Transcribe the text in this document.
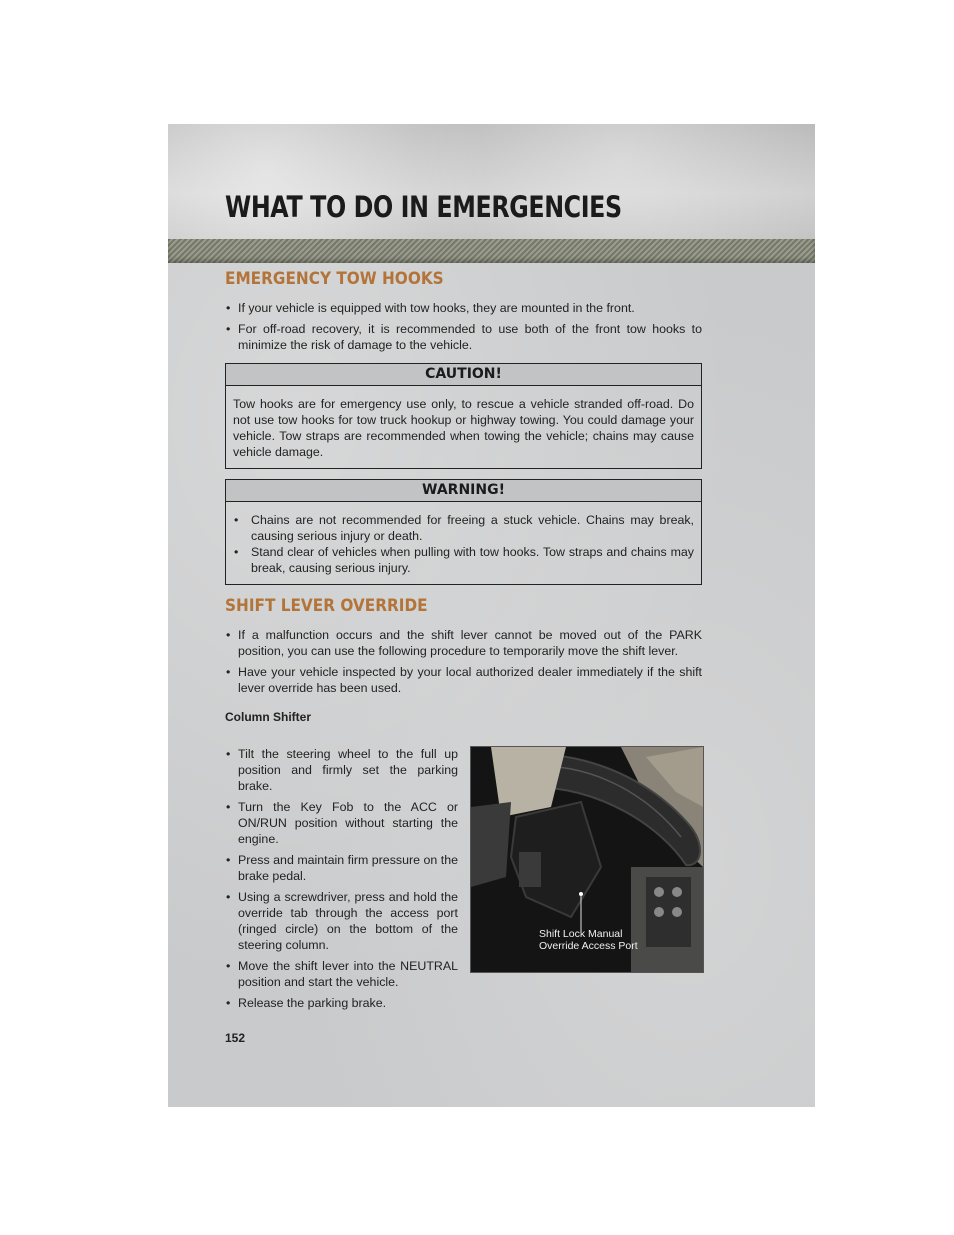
WHAT TO DO IN EMERGENCIES
EMERGENCY TOW HOOKS
• If your vehicle is equipped with tow hooks, they are mounted in the front.
• For off-road recovery, it is recommended to use both of the front tow hooks to minimize the risk of damage to the vehicle.
CAUTION!
Tow hooks are for emergency use only, to rescue a vehicle stranded off-road. Do not use tow hooks for tow truck hookup or highway towing. You could damage your vehicle. Tow straps are recommended when towing the vehicle; chains may cause vehicle damage.
WARNING!
• Chains are not recommended for freeing a stuck vehicle. Chains may break, causing serious injury or death.
• Stand clear of vehicles when pulling with tow hooks. Tow straps and chains may break, causing serious injury.
SHIFT LEVER OVERRIDE
• If a malfunction occurs and the shift lever cannot be moved out of the PARK position, you can use the following procedure to temporarily move the shift lever.
• Have your vehicle inspected by your local authorized dealer immediately if the shift lever override has been used.
Column Shifter
• Tilt the steering wheel to the full up position and firmly set the parking brake.
• Turn the Key Fob to the ACC or ON/RUN position without starting the engine.
• Press and maintain firm pressure on the brake pedal.
• Using a screwdriver, press and hold the override tab through the access port (ringed circle) on the bottom of the steering column.
• Move the shift lever into the NEUTRAL position and start the vehicle.
• Release the parking brake.
Shift Lock Manual
Override Access Port
152
